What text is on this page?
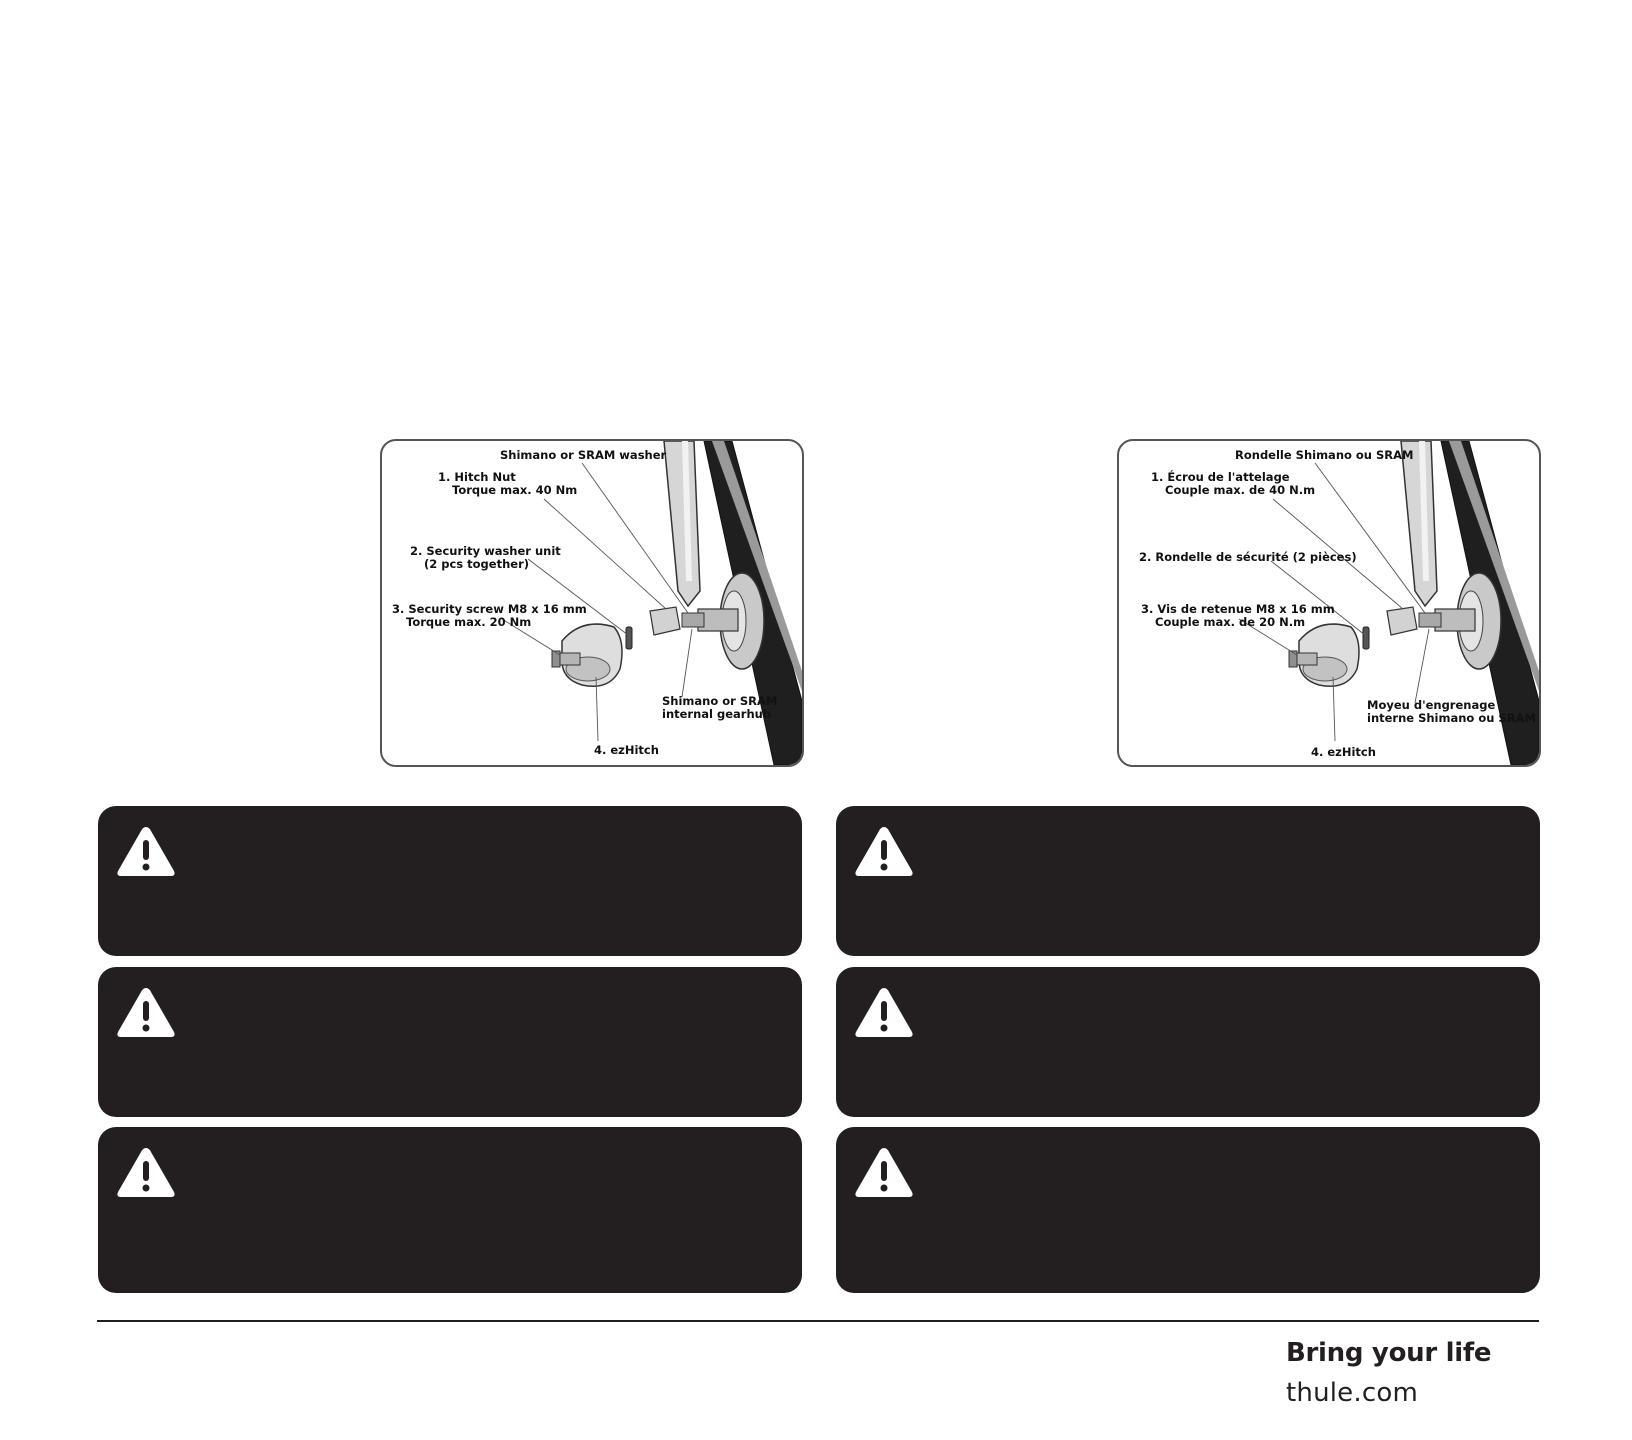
Shimano or SRAM washer
1. Hitch Nut
Torque max. 40 Nm
2. Security washer unit
(2 pcs together)
3. Security screw M8 x 16 mm
Torque max. 20 Nm
Shimano or SRAM
internal gearhub
4. ezHitch
Rondelle Shimano ou SRAM
1. Écrou de l'attelage
Couple max. de 40 N.m
2. Rondelle de sécurité (2 pièces)
3. Vis de retenue M8 x 16 mm
Couple max. de 20 N.m
Moyeu d'engrenage
interne Shimano ou SRAM
4. ezHitch
Bring your life
thule.com
